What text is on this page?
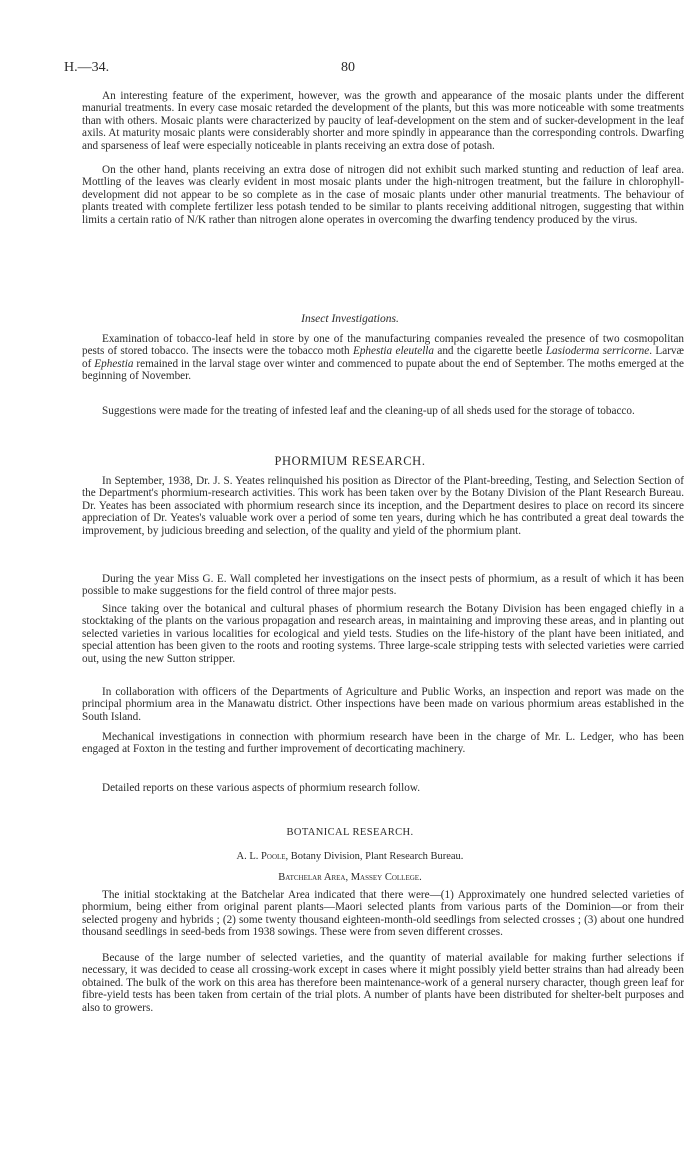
H.—34.	80

An interesting feature of the experiment, however, was the growth and appearance of the mosaic plants under the different manurial treatments. In every case mosaic retarded the development of the plants, but this was more noticeable with some treatments than with others. Mosaic plants were characterized by paucity of leaf-development on the stem and of sucker-development in the leaf axils. At maturity mosaic plants were considerably shorter and more spindly in appearance than the corresponding controls. Dwarfing and sparseness of leaf were especially noticeable in plants receiving an extra dose of potash.

On the other hand, plants receiving an extra dose of nitrogen did not exhibit such marked stunting and reduction of leaf area. Mottling of the leaves was clearly evident in most mosaic plants under the high-nitrogen treatment, but the failure in chlorophyll-development did not appear to be so complete as in the case of mosaic plants under other manurial treatments. The behaviour of plants treated with complete fertilizer less potash tended to be similar to plants receiving additional nitrogen, suggesting that within limits a certain ratio of N/K rather than nitrogen alone operates in overcoming the dwarfing tendency produced by the virus.

Insect Investigations.

Examination of tobacco-leaf held in store by one of the manufacturing companies revealed the presence of two cosmopolitan pests of stored tobacco. The insects were the tobacco moth Ephestia eleutella and the cigarette beetle Lasioderma serricorne. Larvæ of Ephestia remained in the larval stage over winter and commenced to pupate about the end of September. The moths emerged at the beginning of November.

Suggestions were made for the treating of infested leaf and the cleaning-up of all sheds used for the storage of tobacco.

PHORMIUM RESEARCH.

In September, 1938, Dr. J. S. Yeates relinquished his position as Director of the Plant-breeding, Testing, and Selection Section of the Department's phormium-research activities. This work has been taken over by the Botany Division of the Plant Research Bureau. Dr. Yeates has been associated with phormium research since its inception, and the Department desires to place on record its sincere appreciation of Dr. Yeates's valuable work over a period of some ten years, during which he has contributed a great deal towards the improvement, by judicious breeding and selection, of the quality and yield of the phormium plant.

During the year Miss G. E. Wall completed her investigations on the insect pests of phormium, as a result of which it has been possible to make suggestions for the field control of three major pests.

Since taking over the botanical and cultural phases of phormium research the Botany Division has been engaged chiefly in a stocktaking of the plants on the various propagation and research areas, in maintaining and improving these areas, and in planting out selected varieties in various localities for ecological and yield tests. Studies on the life-history of the plant have been initiated, and special attention has been given to the roots and rooting systems. Three large-scale stripping tests with selected varieties were carried out, using the new Sutton stripper.

In collaboration with officers of the Departments of Agriculture and Public Works, an inspection and report was made on the principal phormium area in the Manawatu district. Other inspections have been made on various phormium areas established in the South Island.

Mechanical investigations in connection with phormium research have been in the charge of Mr. L. Ledger, who has been engaged at Foxton in the testing and further improvement of decorticating machinery.

Detailed reports on these various aspects of phormium research follow.

BOTANICAL RESEARCH.
A. L. Poole, Botany Division, Plant Research Bureau.
Batchelar Area, Massey College.

The initial stocktaking at the Batchelar Area indicated that there were—(1) Approximately one hundred selected varieties of phormium, being either from original parent plants—Maori selected plants from various parts of the Dominion—or from their selected progeny and hybrids ; (2) some twenty thousand eighteen-month-old seedlings from selected crosses ; (3) about one hundred thousand seedlings in seed-beds from 1938 sowings. These were from seven different crosses.

Because of the large number of selected varieties, and the quantity of material available for making further selections if necessary, it was decided to cease all crossing-work except in cases where it might possibly yield better strains than had already been obtained. The bulk of the work on this area has therefore been maintenance-work of a general nursery character, though green leaf for fibre-yield tests has been taken from certain of the trial plots. A number of plants have been distributed for shelter-belt purposes and also to growers.
